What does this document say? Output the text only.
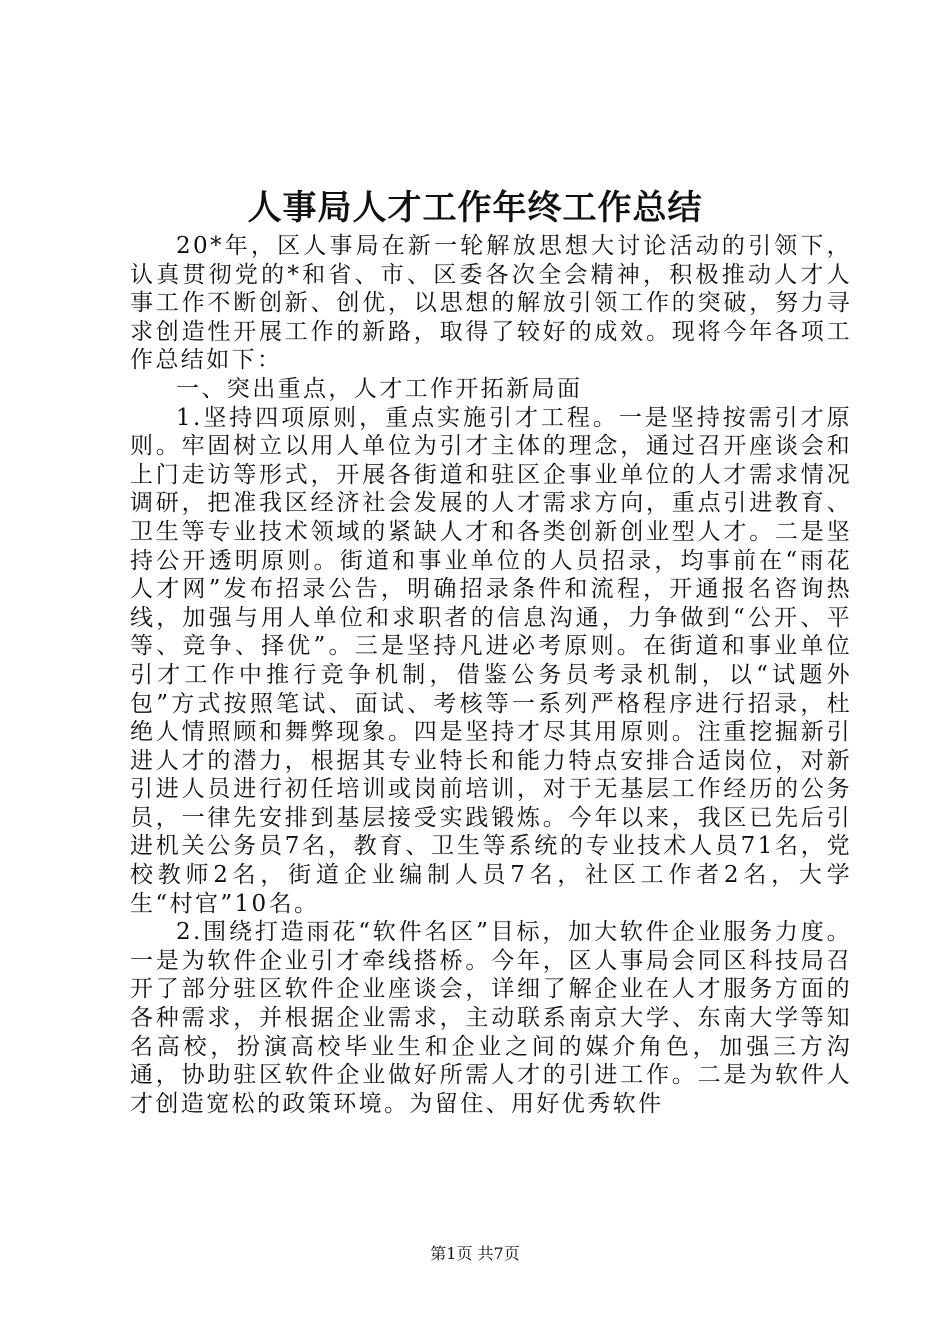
人事局人才工作年终工作总结

20*年，区人事局在新一轮解放思想大讨论活动的引领下，认真贯彻党的*和省、市、区委各次全会精神，积极推动人才人事工作不断创新、创优，以思想的解放引领工作的突破，努力寻求创造性开展工作的新路，取得了较好的成效。现将今年各项工作总结如下：

一、突出重点，人才工作开拓新局面

1.坚持四项原则，重点实施引才工程。一是坚持按需引才原则。牢固树立以用人单位为引才主体的理念，通过召开座谈会和上门走访等形式，开展各街道和驻区企事业单位的人才需求情况调研，把准我区经济社会发展的人才需求方向，重点引进教育、卫生等专业技术领域的紧缺人才和各类创新创业型人才。二是坚持公开透明原则。街道和事业单位的人员招录，均事前在“雨花人才网”发布招录公告，明确招录条件和流程，开通报名咨询热线，加强与用人单位和求职者的信息沟通，力争做到“公开、平等、竞争、择优”。三是坚持凡进必考原则。在街道和事业单位引才工作中推行竞争机制，借鉴公务员考录机制，以“试题外包”方式按照笔试、面试、考核等一系列严格程序进行招录，杜绝人情照顾和舞弊现象。四是坚持才尽其用原则。注重挖掘新引进人才的潜力，根据其专业特长和能力特点安排合适岗位，对新引进人员进行初任培训或岗前培训，对于无基层工作经历的公务员，一律先安排到基层接受实践锻炼。今年以来，我区已先后引进机关公务员7名，教育、卫生等系统的专业技术人员71名，党校教师2名，街道企业编制人员7名，社区工作者2名，大学生“村官”10名。

2.围绕打造雨花“软件名区”目标，加大软件企业服务力度。一是为软件企业引才牵线搭桥。今年，区人事局会同区科技局召开了部分驻区软件企业座谈会，详细了解企业在人才服务方面的各种需求，并根据企业需求，主动联系南京大学、东南大学等知名高校，扮演高校毕业生和企业之间的媒介角色，加强三方沟通，协助驻区软件企业做好所需人才的引进工作。二是为软件人才创造宽松的政策环境。为留住、用好优秀软件

第1页 共7页
